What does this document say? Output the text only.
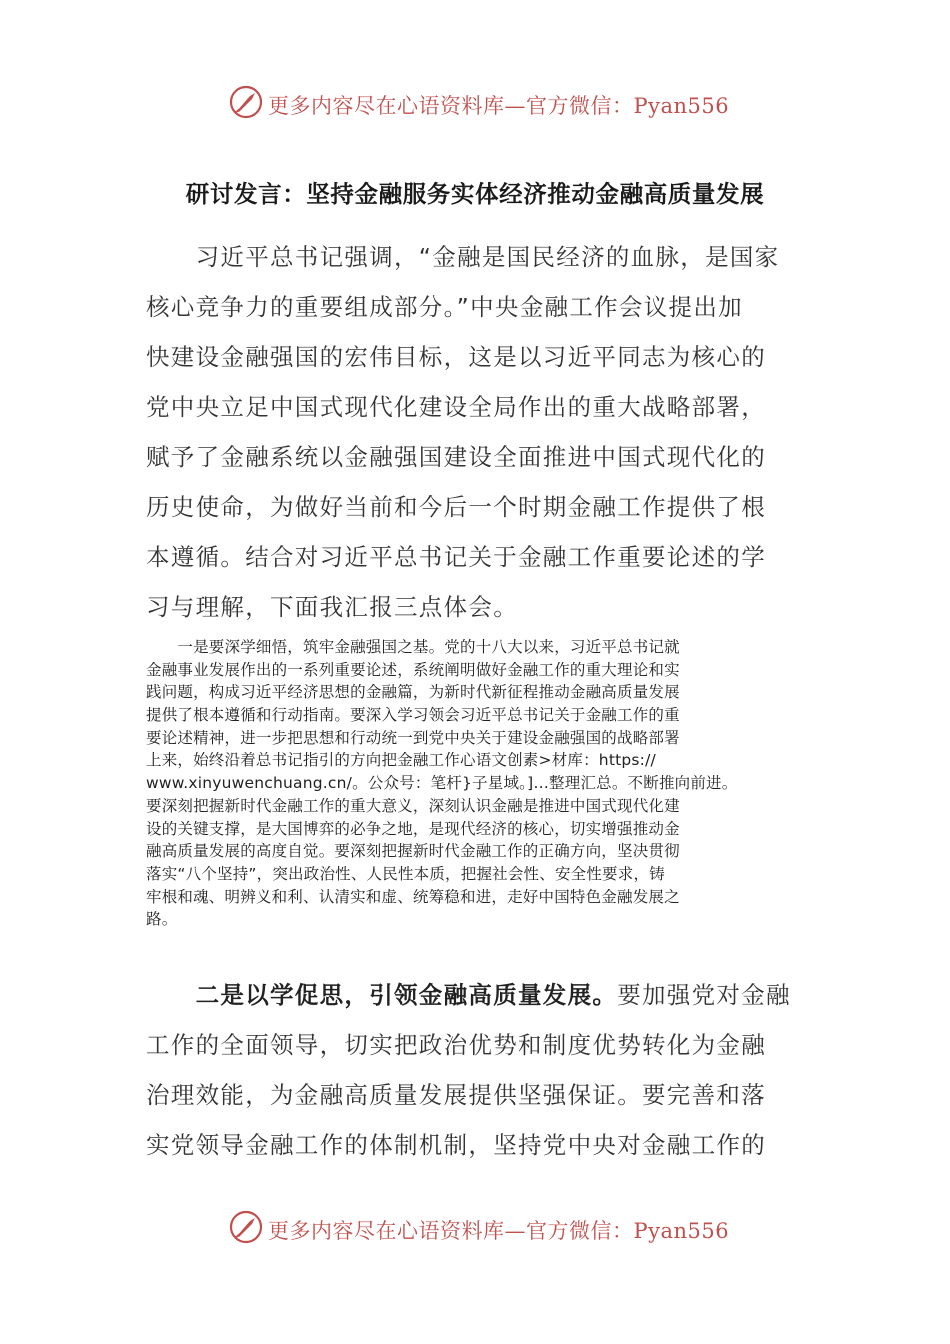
更多内容尽在心语资料库—官方微信：Pyan556
研讨发言：坚持金融服务实体经济推动金融高质量发展
　　习近平总书记强调，“金融是国民经济的血脉，是国家
核心竞争力的重要组成部分。”中央金融工作会议提出加
快建设金融强国的宏伟目标，这是以习近平同志为核心的
党中央立足中国式现代化建设全局作出的重大战略部署，
赋予了金融系统以金融强国建设全面推进中国式现代化的
历史使命，为做好当前和今后一个时期金融工作提供了根
本遵循。结合对习近平总书记关于金融工作重要论述的学
习与理解，下面我汇报三点体会。
　　一是要深学细悟，筑牢金融强国之基。党的十八大以来，习近平总书记就
金融事业发展作出的一系列重要论述，系统阐明做好金融工作的重大理论和实
践问题，构成习近平经济思想的金融篇，为新时代新征程推动金融高质量发展
提供了根本遵循和行动指南。要深入学习领会习近平总书记关于金融工作的重
要论述精神，进一步把思想和行动统一到党中央关于建设金融强国的战略部署
上来，始终沿着总书记指引的方向把金融工作心语文创素>材库：https://
www.xinyuwenchuang.cn/。公众号：笔杆}子星域。]…整理汇总。不断推向前进。
要深刻把握新时代金融工作的重大意义，深刻认识金融是推进中国式现代化建
设的关键支撑，是大国博弈的必争之地，是现代经济的核心，切实增强推动金
融高质量发展的高度自觉。要深刻把握新时代金融工作的正确方向，坚决贯彻
落实“八个坚持”，突出政治性、人民性本质，把握社会性、安全性要求，铸
牢根和魂、明辨义和利、认清实和虚、统筹稳和进，走好中国特色金融发展之
路。
　　二是以学促思，引领金融高质量发展。要加强党对金融
工作的全面领导，切实把政治优势和制度优势转化为金融
治理效能，为金融高质量发展提供坚强保证。要完善和落
实党领导金融工作的体制机制，坚持党中央对金融工作的
更多内容尽在心语资料库—官方微信：Pyan556
